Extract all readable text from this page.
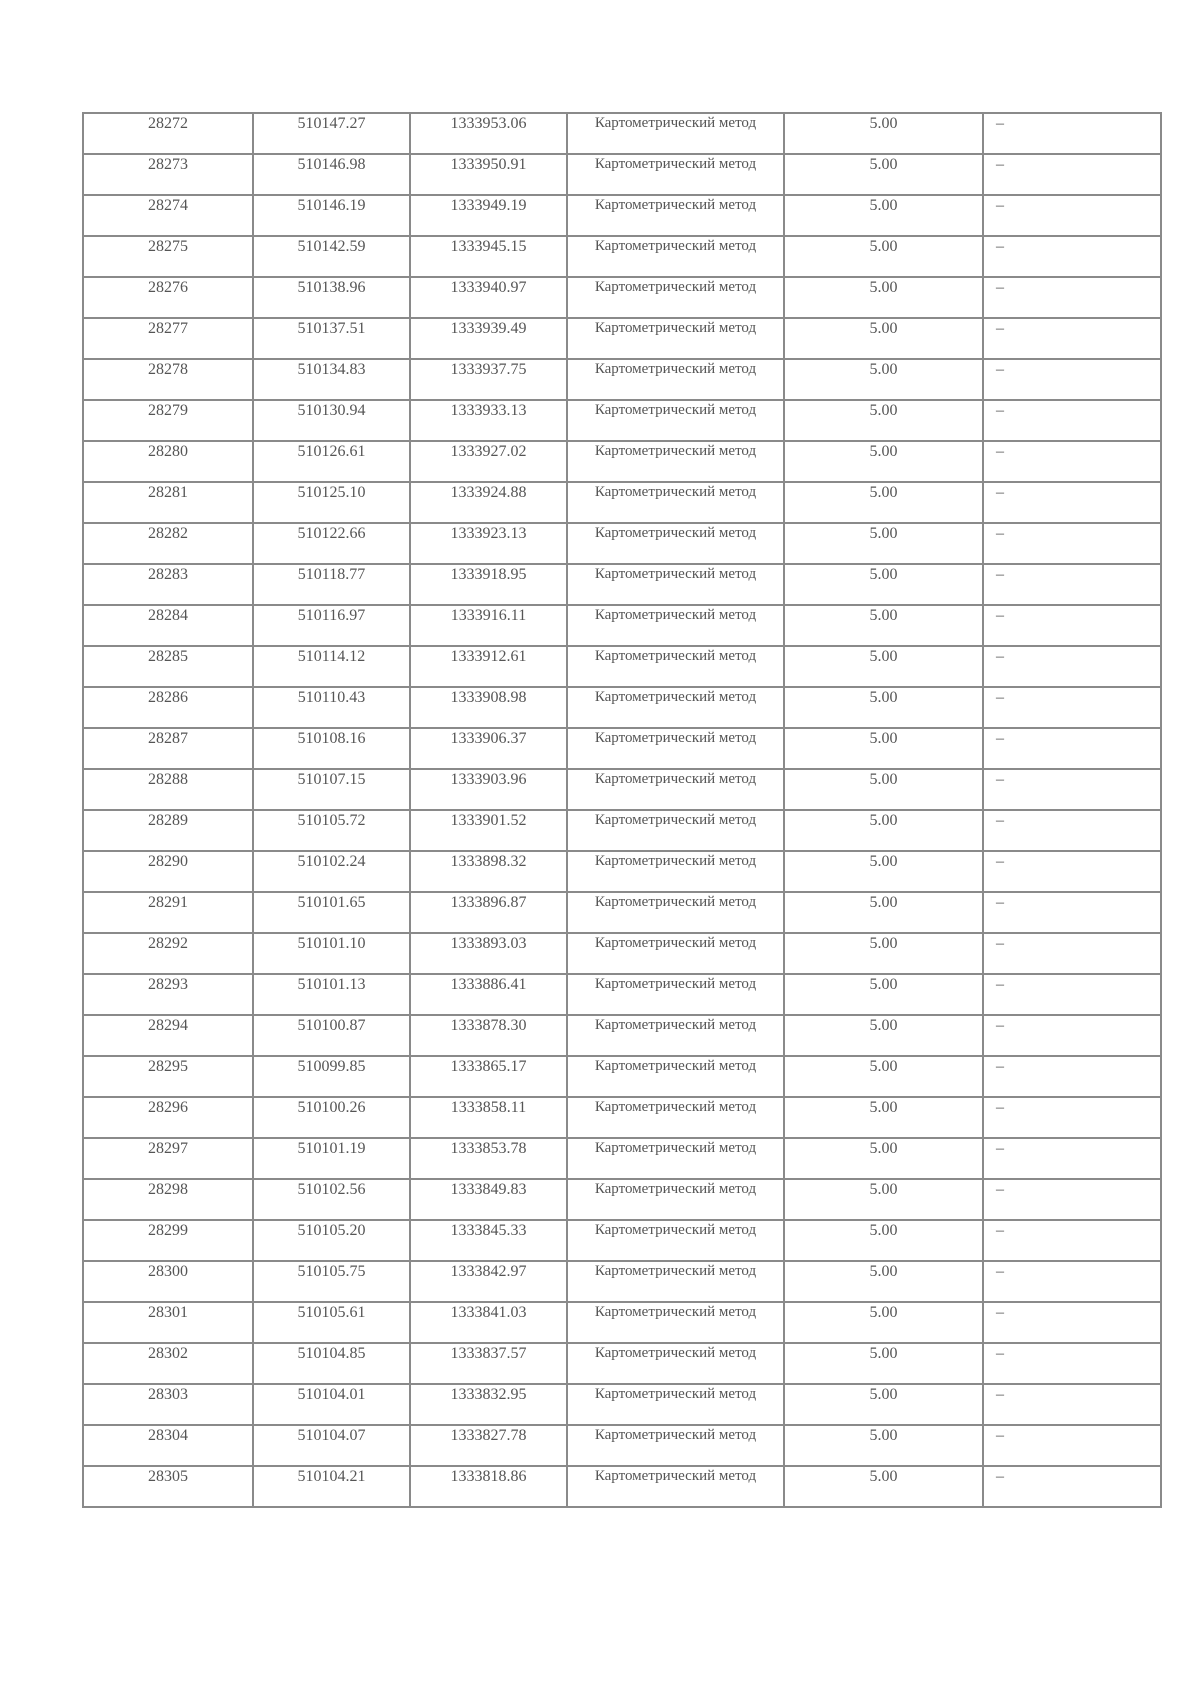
28272	510147.27	1333953.06	Картометрический метод	5.00	–
28273	510146.98	1333950.91	Картометрический метод	5.00	–
28274	510146.19	1333949.19	Картометрический метод	5.00	–
28275	510142.59	1333945.15	Картометрический метод	5.00	–
28276	510138.96	1333940.97	Картометрический метод	5.00	–
28277	510137.51	1333939.49	Картометрический метод	5.00	–
28278	510134.83	1333937.75	Картометрический метод	5.00	–
28279	510130.94	1333933.13	Картометрический метод	5.00	–
28280	510126.61	1333927.02	Картометрический метод	5.00	–
28281	510125.10	1333924.88	Картометрический метод	5.00	–
28282	510122.66	1333923.13	Картометрический метод	5.00	–
28283	510118.77	1333918.95	Картометрический метод	5.00	–
28284	510116.97	1333916.11	Картометрический метод	5.00	–
28285	510114.12	1333912.61	Картометрический метод	5.00	–
28286	510110.43	1333908.98	Картометрический метод	5.00	–
28287	510108.16	1333906.37	Картометрический метод	5.00	–
28288	510107.15	1333903.96	Картометрический метод	5.00	–
28289	510105.72	1333901.52	Картометрический метод	5.00	–
28290	510102.24	1333898.32	Картометрический метод	5.00	–
28291	510101.65	1333896.87	Картометрический метод	5.00	–
28292	510101.10	1333893.03	Картометрический метод	5.00	–
28293	510101.13	1333886.41	Картометрический метод	5.00	–
28294	510100.87	1333878.30	Картометрический метод	5.00	–
28295	510099.85	1333865.17	Картометрический метод	5.00	–
28296	510100.26	1333858.11	Картометрический метод	5.00	–
28297	510101.19	1333853.78	Картометрический метод	5.00	–
28298	510102.56	1333849.83	Картометрический метод	5.00	–
28299	510105.20	1333845.33	Картометрический метод	5.00	–
28300	510105.75	1333842.97	Картометрический метод	5.00	–
28301	510105.61	1333841.03	Картометрический метод	5.00	–
28302	510104.85	1333837.57	Картометрический метод	5.00	–
28303	510104.01	1333832.95	Картометрический метод	5.00	–
28304	510104.07	1333827.78	Картометрический метод	5.00	–
28305	510104.21	1333818.86	Картометрический метод	5.00	–
